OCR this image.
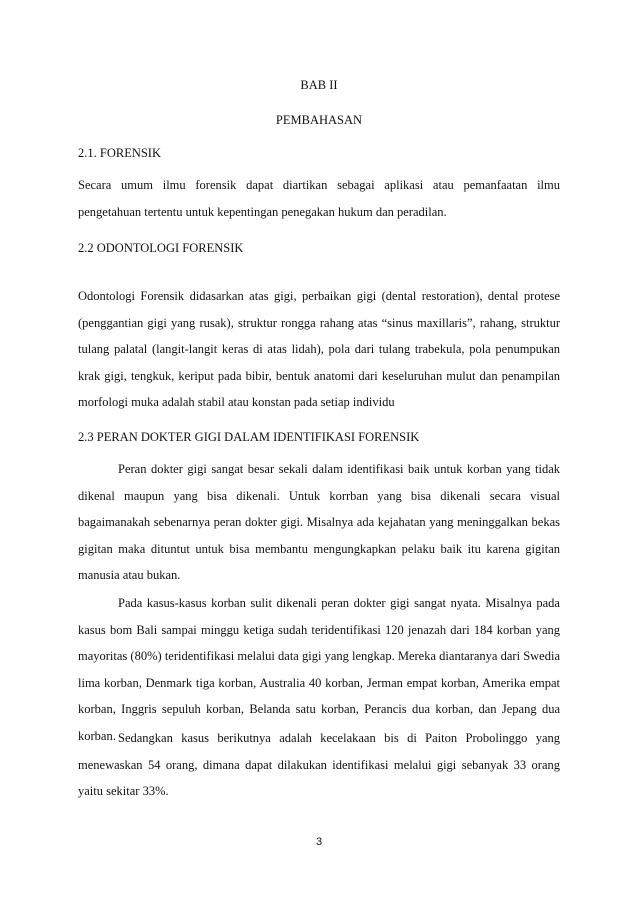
BAB II
PEMBAHASAN
2.1. FORENSIK
Secara umum ilmu forensik dapat diartikan sebagai aplikasi atau pemanfaatan ilmu pengetahuan tertentu untuk kepentingan penegakan hukum dan peradilan.
2.2 ODONTOLOGI FORENSIK
Odontologi Forensik didasarkan atas gigi, perbaikan gigi (dental restoration), dental protese (penggantian gigi yang rusak), struktur rongga rahang atas “sinus maxillaris”, rahang, struktur tulang palatal (langit-langit keras di atas lidah), pola dari tulang trabekula, pola penumpukan krak gigi, tengkuk, keriput pada bibir, bentuk anatomi dari keseluruhan mulut dan penampilan morfologi muka adalah stabil atau konstan pada setiap individu
2.3 PERAN DOKTER GIGI DALAM IDENTIFIKASI FORENSIK
Peran dokter gigi sangat besar sekali dalam identifikasi baik untuk korban yang tidak dikenal maupun yang bisa dikenali. Untuk korrban yang bisa dikenali secara visual bagaimanakah sebenarnya peran dokter gigi. Misalnya ada kejahatan yang meninggalkan bekas gigitan maka dituntut untuk bisa membantu mengungkapkan pelaku baik itu karena gigitan manusia atau bukan.
Pada kasus-kasus korban sulit dikenali peran dokter gigi sangat nyata. Misalnya pada kasus bom Bali sampai minggu ketiga sudah teridentifikasi 120 jenazah dari 184 korban yang mayoritas (80%) teridentifikasi melalui data gigi yang lengkap. Mereka diantaranya dari Swedia lima korban, Denmark tiga korban, Australia 40 korban, Jerman empat korban, Amerika empat korban, Inggris sepuluh korban, Belanda satu korban, Perancis dua korban, dan Jepang dua korban. Sedangkan kasus berikutnya adalah kecelakaan bis di Paiton Probolinggo yang menewaskan 54 orang, dimana dapat dilakukan identifikasi melalui gigi sebanyak 33 orang yaitu sekitar 33%.
3
